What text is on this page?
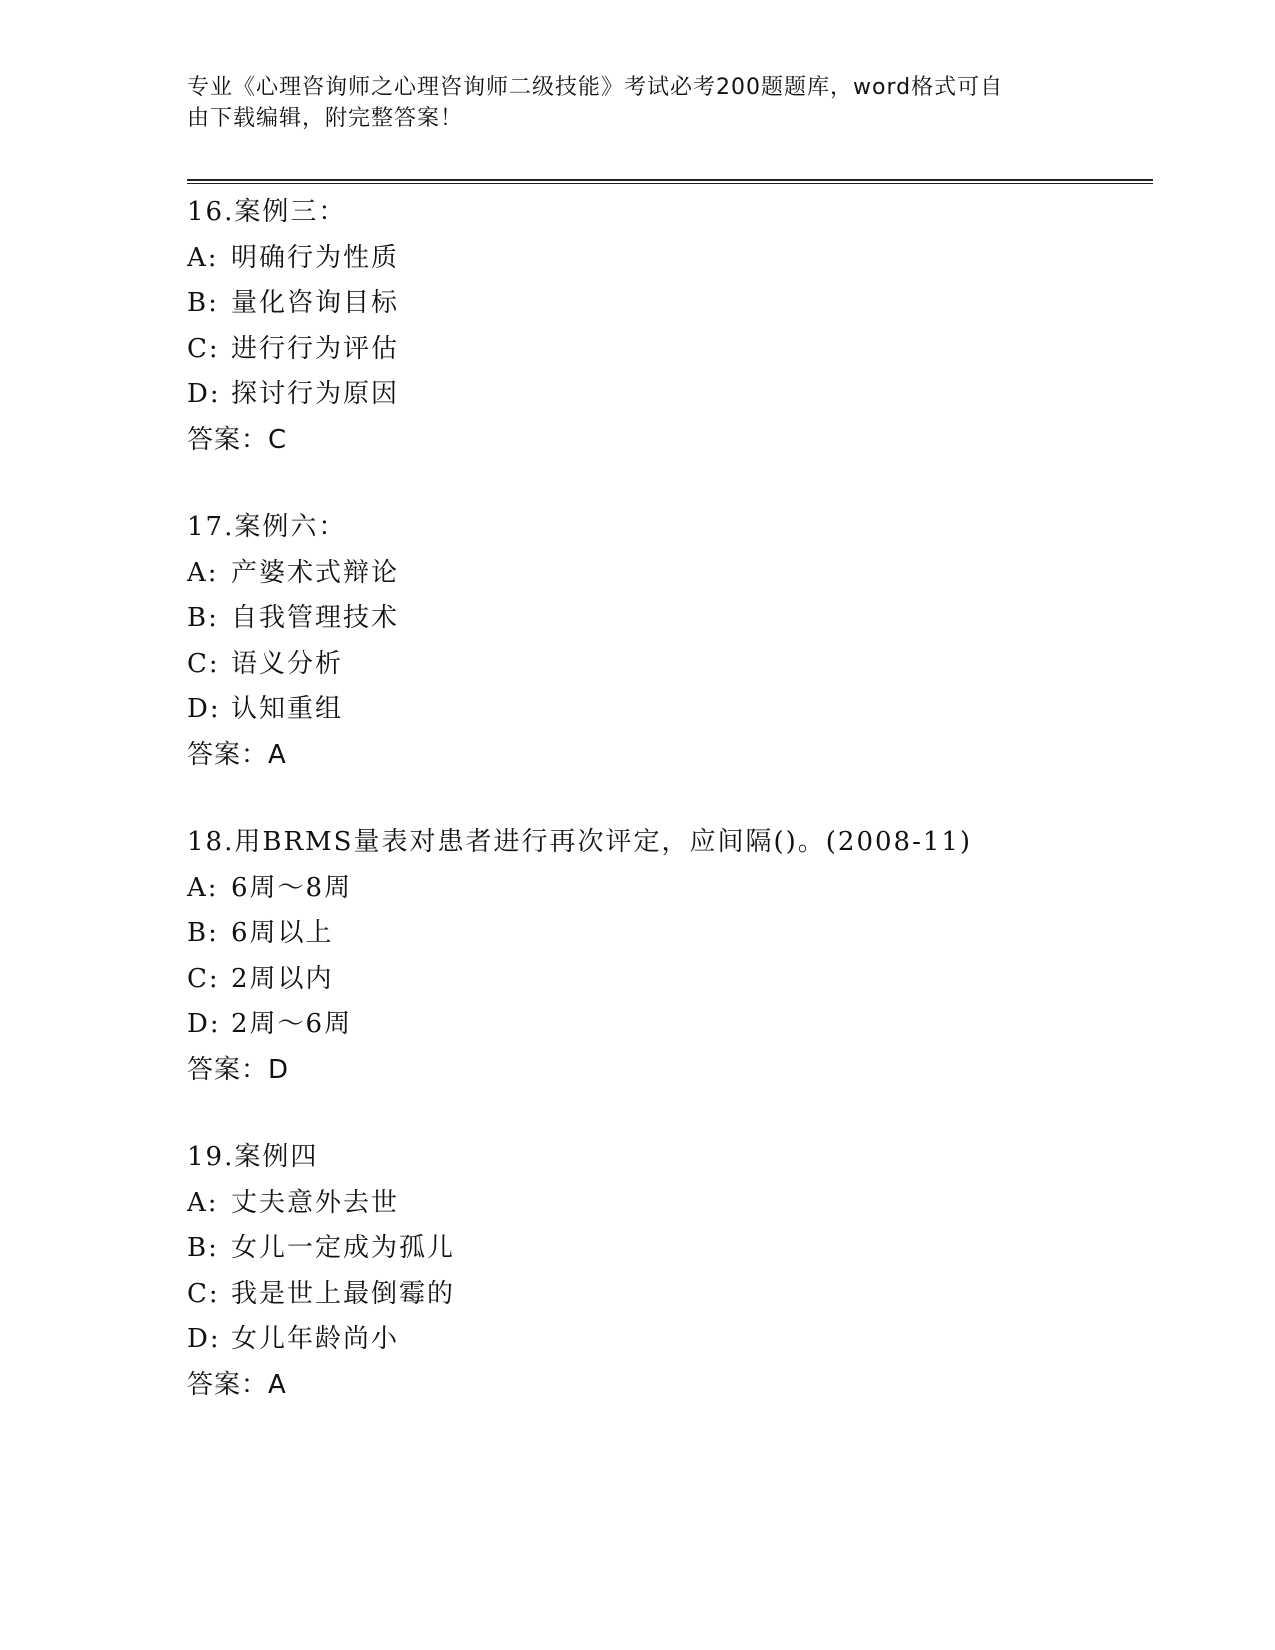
专业《心理咨询师之心理咨询师二级技能》考试必考200题题库，word格式可自
由下载编辑，附完整答案！
16.案例三：
A: 明确行为性质
B: 量化咨询目标
C: 进行行为评估
D: 探讨行为原因
答案：C
17.案例六：
A: 产婆术式辩论
B: 自我管理技术
C: 语义分析
D: 认知重组
答案：A
18.用BRMS量表对患者进行再次评定，应间隔()。(2008-11)
A: 6周～8周
B: 6周以上
C: 2周以内
D: 2周～6周
答案：D
19.案例四
A: 丈夫意外去世
B: 女儿一定成为孤儿
C: 我是世上最倒霉的
D: 女儿年龄尚小
答案：A
